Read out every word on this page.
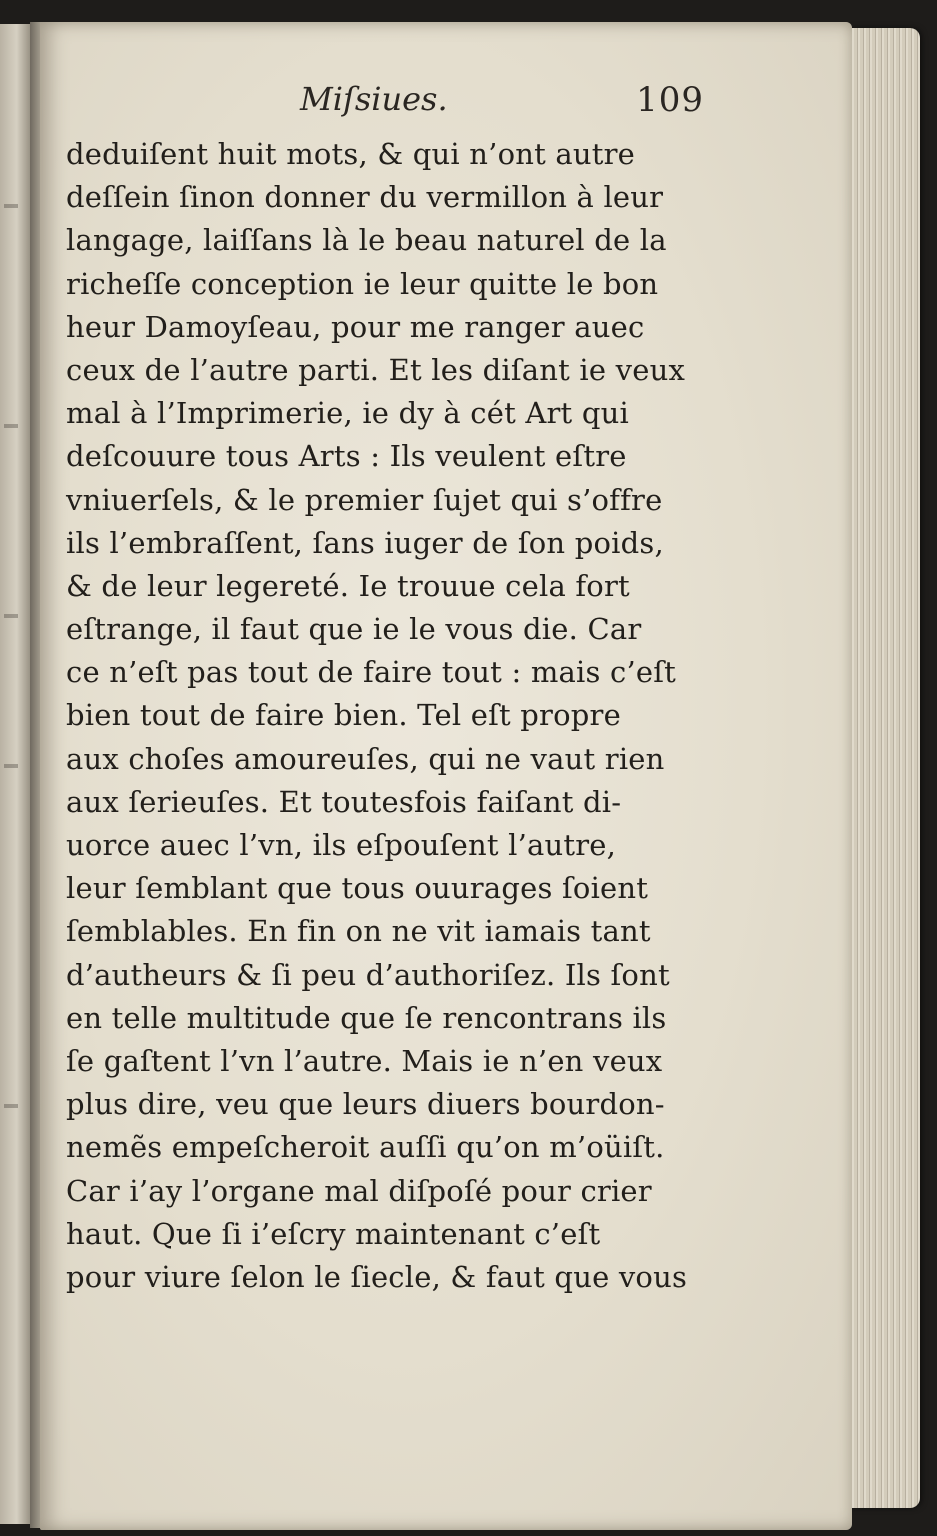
Miſsiues.	109
deduiſent huit mots, & qui n’ont autre
deſſein ſinon donner du vermillon à leur
langage, laiſſans là le beau naturel de la
richeſſe conception ie leur quitte le bon
heur Damoyſeau, pour me ranger auec
ceux de l’autre parti. Et les diſant ie veux
mal à l’Imprimerie, ie dy à cét Art qui
deſcouure tous Arts : Ils veulent eſtre
vniuerſels, & le premier ſujet qui s’offre
ils l’embraſſent, ſans iuger de ſon poids,
& de leur legereté. Ie trouue cela fort
eſtrange, il faut que ie le vous die. Car
ce n’eſt pas tout de faire tout : mais c’eſt
bien tout de faire bien. Tel eſt propre
aux choſes amoureuſes, qui ne vaut rien
aux ſerieuſes. Et toutesfois faiſant di-
uorce auec l’vn, ils eſpouſent l’autre,
leur ſemblant que tous ouurages ſoient
ſemblables. En fin on ne vit iamais tant
d’autheurs & ſi peu d’authoriſez. Ils ſont
en telle multitude que ſe rencontrans ils
ſe gaſtent l’vn l’autre. Mais ie n’en veux
plus dire, veu que leurs diuers bourdon-
nemẽs empeſcheroit auſſi qu’on m’oüiſt.
Car i’ay l’organe mal diſpoſé pour crier
haut. Que ſi i’eſcry maintenant c’eſt
pour viure ſelon le ſiecle, & faut que vous
